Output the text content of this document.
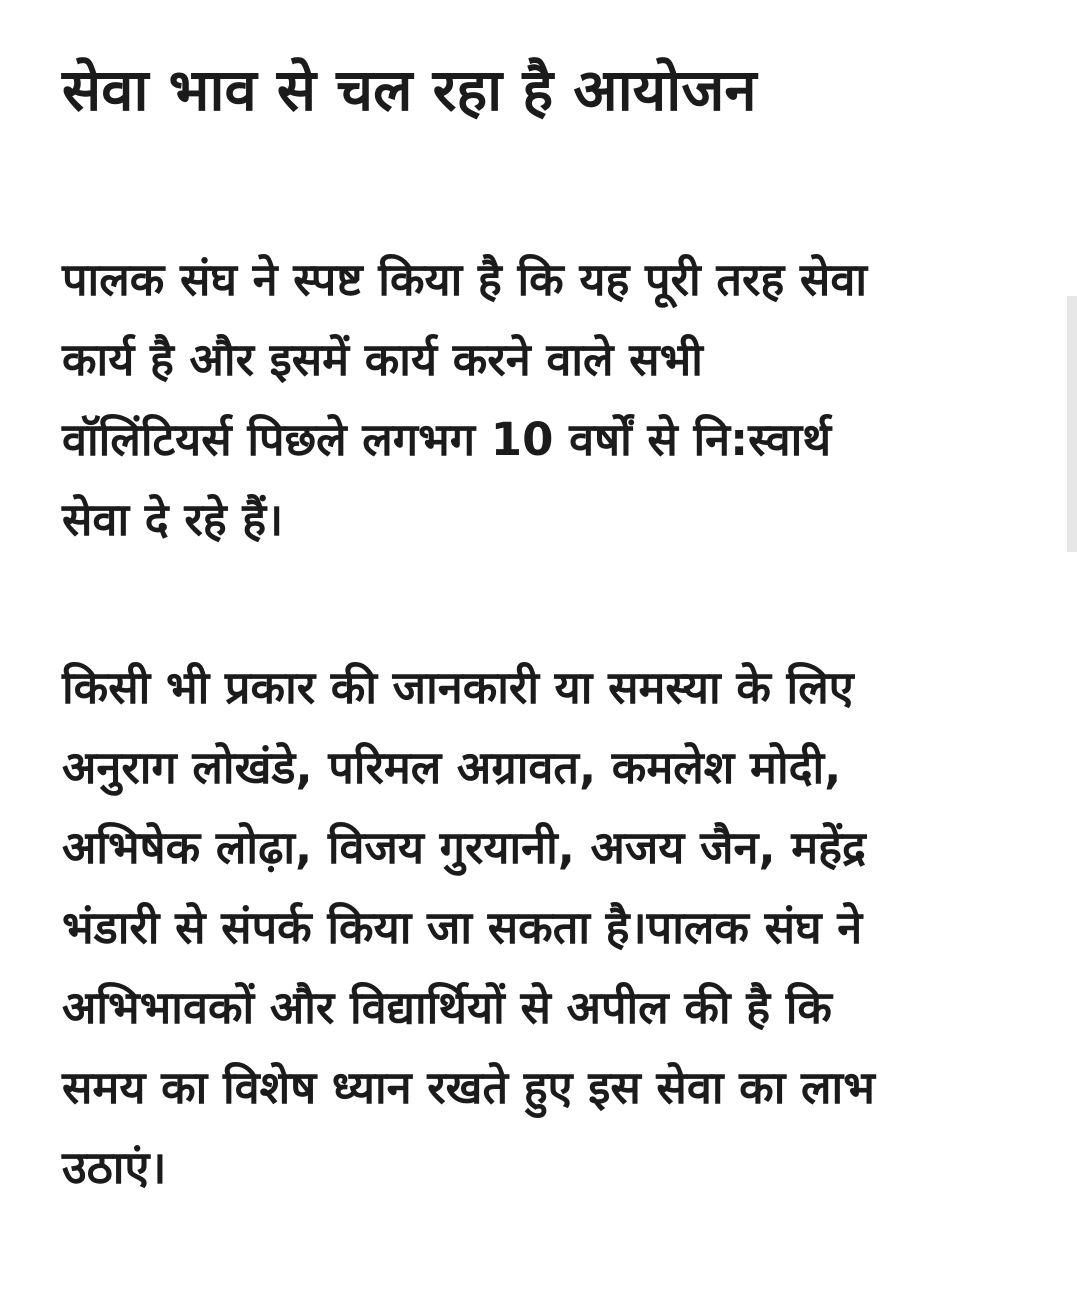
सेवा भाव से चल रहा है आयोजन
पालक संघ ने स्पष्ट किया है कि यह पूरी तरह सेवा
कार्य है और इसमें कार्य करने वाले सभी
वॉलिंटियर्स पिछले लगभग 10 वर्षों से नि:स्वार्थ
सेवा दे रहे हैं।
किसी भी प्रकार की जानकारी या समस्या के लिए
अनुराग लोखंडे, परिमल अग्रावत, कमलेश मोदी,
अभिषेक लोढ़ा, विजय गुरयानी, अजय जैन, महेंद्र
भंडारी से संपर्क किया जा सकता है।पालक संघ ने
अभिभावकों और विद्यार्थियों से अपील की है कि
समय का विशेष ध्यान रखते हुए इस सेवा का लाभ
उठाएं।
